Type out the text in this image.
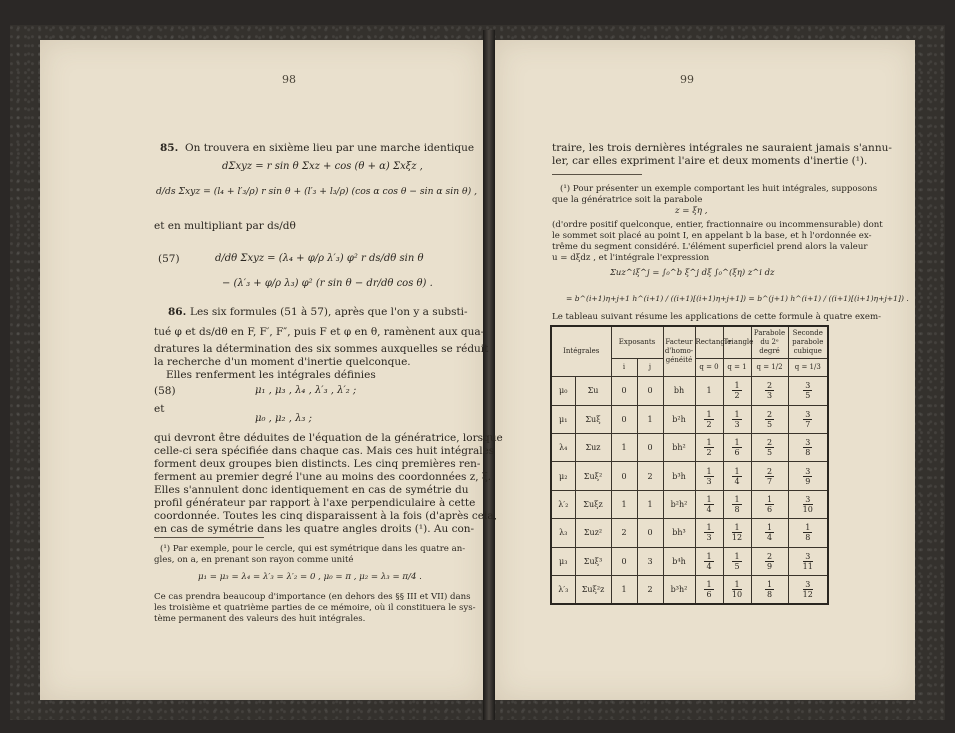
98
85. On trouvera en sixième lieu par une marche identique
dΣxyz = r sin θ Σxz + cos (θ + α) Σxξz ,
d/ds Σxyz = (l₄ + l′₃/ρ) r sin θ + (l′₃ + l₃/ρ) (cos α cos θ − sin α sin θ) ,
et en multipliant par ds/dθ
(57)	d/dθ Σxyz = (λ₄ + φ/ρ λ′₃) φ² r ds/dθ sin θ
− (λ′₃ + φ/ρ λ₃) φ² (r sin θ − dr/dθ cos θ) .
86. Les six formules (51 à 57), après que l'on y a substi-
tué φ et ds/dθ en F, F′, F″, puis F et φ en θ, ramènent aux qua-
dratures la détermination des six sommes auxquelles se réduit
la recherche d'un moment d'inertie quelconque.
Elles renferment les intégrales définies
(58)	μ₁ , μ₃ , λ₄ , λ′₃ , λ′₂ ;
et
μ₀ , μ₂ , λ₃ ;
qui devront être déduites de l'équation de la génératrice, lorsque
celle-ci sera spécifiée dans chaque cas. Mais ces huit intégrales
forment deux groupes bien distincts. Les cinq premières ren-
ferment au premier degré l'une au moins des coordonnées z, ξ.
Elles s'annulent donc identiquement en cas de symétrie du
profil générateur par rapport à l'axe perpendiculaire à cette
coordonnée. Toutes les cinq disparaissent à la fois (d'après cela,
en cas de symétrie dans les quatre angles droits (¹). Au con-
(¹) Par exemple, pour le cercle, qui est symétrique dans les quatre an-
gles, on a, en prenant son rayon comme unité
μ₁ = μ₃ = λ₄ = λ′₃ = λ′₂ = 0 , μ₀ = π , μ₂ = λ₃ = π/4 .
Ce cas prendra beaucoup d'importance (en dehors des §§ III et VII) dans
les troisième et quatrième parties de ce mémoire, où il constituera le sys-
tème permanent des valeurs des huit intégrales.
99
traire, les trois dernières intégrales ne sauraient jamais s'annu-
ler, car elles expriment l'aire et deux moments d'inertie (¹).
(¹) Pour présenter un exemple comportant les huit intégrales, supposons
que la génératrice soit la parabole
z = ξη ,
(d'ordre positif quelconque, entier, fractionnaire ou incommensurable) dont
le sommet soit placé au point I, en appelant b la base, et h l'ordonnée ex-
trême du segment considéré. L'élément superficiel prend alors la valeur
u = dξdz , et l'intégrale l'expression
Σuz^iξ^j = ∫₀^b ξ^j dξ ∫₀^(ξη) z^i dz
= b^(i+1)η+j+1 h^(i+1) / ((i+1)[(i+1)η+j+1]) = b^(j+1) h^(i+1) / ((i+1)[(i+1)η+j+1]) .
Le tableau suivant résume les applications de cette formule à quatre exem-
Intégrales		Exposants		Facteur d'homo-généité	Rectangle	Triangle	Parabole du 2ᵉ degré	Seconde parabole cubique
		i	j		q = 0	q = 1	q = 1/2	q = 1/3
μ₀	Σu	0	0	bh	1	$\frac{1}{2}$	$\frac{2}{3}$	$\frac{3}{5}$

μ₁	Σuξ	0	1	b²h	$\frac{1}{2}$	$\frac{1}{3}$	$\frac{2}{5}$	$\frac{3}{7}$

λ₄	Σuz	1	0	bh²	$\frac{1}{2}$	$\frac{1}{6}$	$\frac{2}{5}$	$\frac{3}{8}$

μ₂	Σuξ²	0	2	b³h	$\frac{1}{3}$	$\frac{1}{4}$	$\frac{2}{7}$	$\frac{3}{9}$

λ′₂	Σuξz	1	1	b²h²	$\frac{1}{4}$	$\frac{1}{8}$	$\frac{1}{6}$	$\frac{3}{10}$

λ₃	Σuz²	2	0	bh³	$\frac{1}{3}$	$\frac{1}{12}$	$\frac{1}{4}$	$\frac{1}{8}$

μ₃	Σuξ³	0	3	b⁴h	$\frac{1}{4}$	$\frac{1}{5}$	$\frac{2}{9}$	$\frac{3}{11}$

λ′₃	Σuξ²z	1	2	b³h²	$\frac{1}{6}$	$\frac{1}{10}$	$\frac{1}{8}$	$\frac{3}{12}$
